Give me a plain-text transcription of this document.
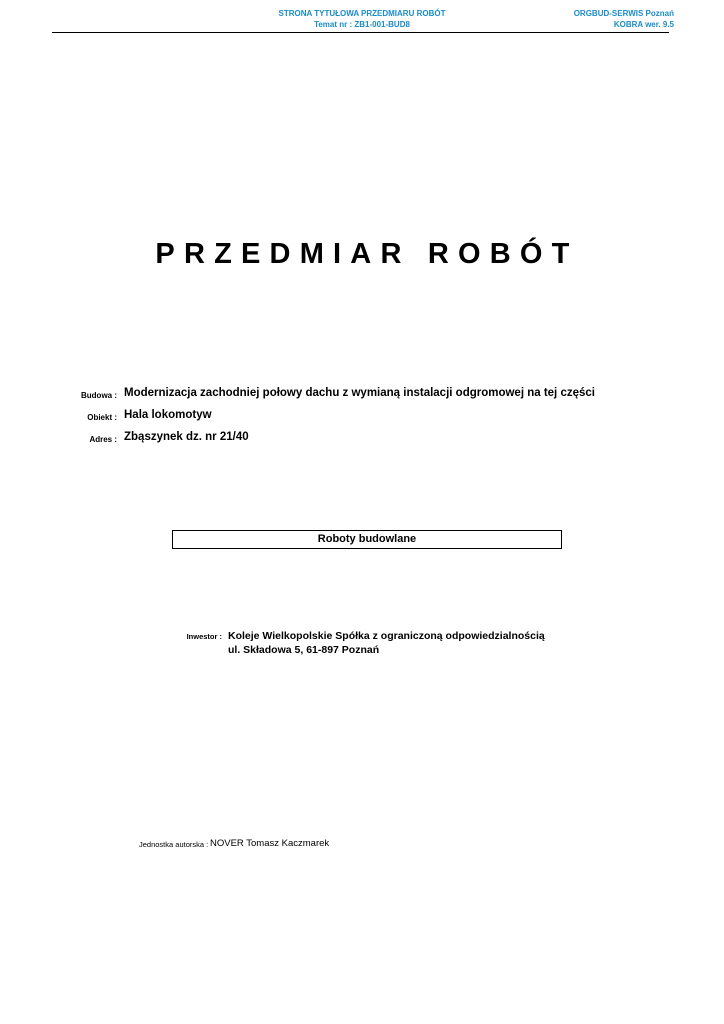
STRONA TYTUŁOWA PRZEDMIARU ROBÓT
Temat nr : ZB1-001-BUD8
ORGBUD-SERWIS Poznań
KOBRA wer. 9.5
PRZEDMIAR ROBÓT
Budowa : Modernizacja zachodniej połowy dachu z wymianą instalacji odgromowej na tej części
Obiekt : Hala lokomotyw
Adres : Zbąszynek dz. nr 21/40
Roboty budowlane
Inwestor : Koleje Wielkopolskie Spółka z ograniczoną odpowiedzialnością
ul. Składowa 5, 61-897 Poznań
Jednostka autorska : NOVER Tomasz Kaczmarek
